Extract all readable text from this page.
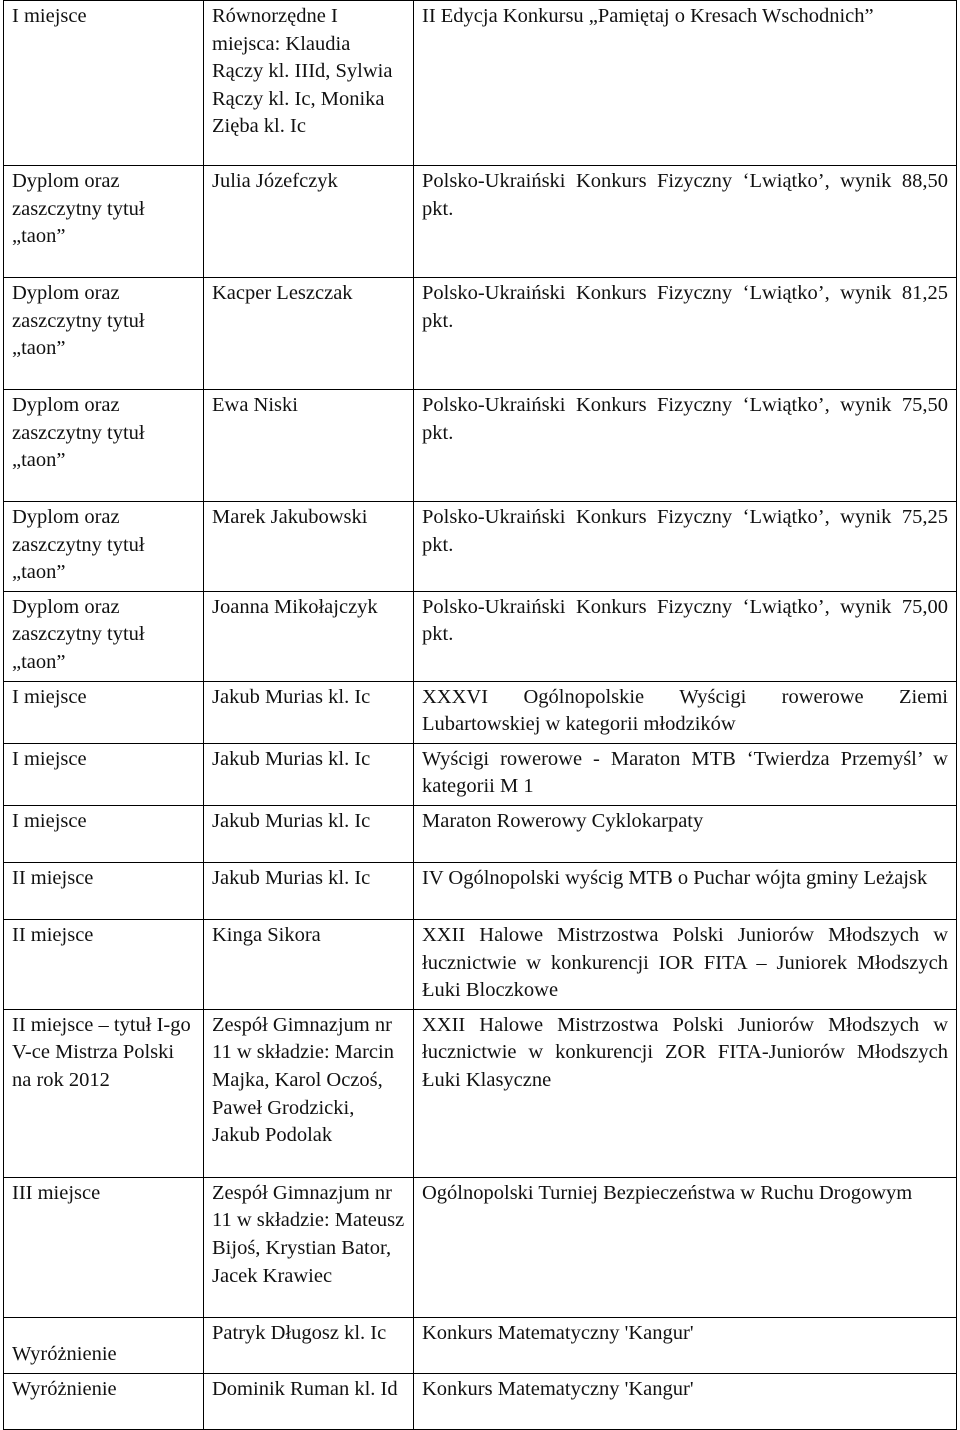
I miejsce	Równorzędne I miejsca: Klaudia Rączy kl. IIId, Sylwia Rączy kl. Ic, Monika Zięba kl. Ic	II Edycja Konkursu „Pamiętaj o Kresach Wschodnich”
Dyplom oraz zaszczytny tytuł „taon”	Julia Józefczyk	Polsko-Ukraiński Konkurs Fizyczny ‘Lwiątko’, wynik 88,50 pkt.
Dyplom oraz zaszczytny tytuł „taon”	Kacper Leszczak	Polsko-Ukraiński Konkurs Fizyczny ‘Lwiątko’, wynik 81,25 pkt.
Dyplom oraz zaszczytny tytuł „taon”	Ewa Niski	Polsko-Ukraiński Konkurs Fizyczny ‘Lwiątko’, wynik 75,50 pkt.
Dyplom oraz zaszczytny tytuł „taon”	Marek Jakubowski	Polsko-Ukraiński Konkurs Fizyczny ‘Lwiątko’, wynik 75,25 pkt.
Dyplom oraz zaszczytny tytuł „taon”	Joanna Mikołajczyk	Polsko-Ukraiński Konkurs Fizyczny ‘Lwiątko’, wynik 75,00 pkt.
I miejsce	Jakub Murias kl. Ic	XXXVI Ogólnopolskie Wyścigi rowerowe Ziemi Lubartowskiej w kategorii młodzików
I miejsce	Jakub Murias kl. Ic	Wyścigi rowerowe - Maraton MTB ‘Twierdza Przemyśl’ w kategorii M 1
I miejsce	Jakub Murias kl. Ic	Maraton Rowerowy Cyklokarpaty
II miejsce	Jakub Murias kl. Ic	IV Ogólnopolski wyścig MTB o Puchar wójta gminy Leżajsk
II miejsce	Kinga Sikora	XXII Halowe Mistrzostwa Polski Juniorów Młodszych w łucznictwie w konkurencji IOR FITA – Juniorek Młodszych Łuki Bloczkowe
II miejsce – tytuł I-go V-ce Mistrza Polski na rok 2012	Zespół Gimnazjum nr 11 w składzie: Marcin Majka, Karol Oczoś, Paweł Grodzicki, Jakub Podolak	XXII Halowe Mistrzostwa Polski Juniorów Młodszych w łucznictwie w konkurencji ZOR FITA-Juniorów Młodszych Łuki Klasyczne
III miejsce	Zespół Gimnazjum nr 11 w składzie: Mateusz Bijoś, Krystian Bator, Jacek Krawiec	Ogólnopolski Turniej Bezpieczeństwa w Ruchu Drogowym
Wyróżnienie	Patryk Długosz kl. Ic	Konkurs Matematyczny 'Kangur'
Wyróżnienie	Dominik Ruman kl. Id	Konkurs Matematyczny 'Kangur'
